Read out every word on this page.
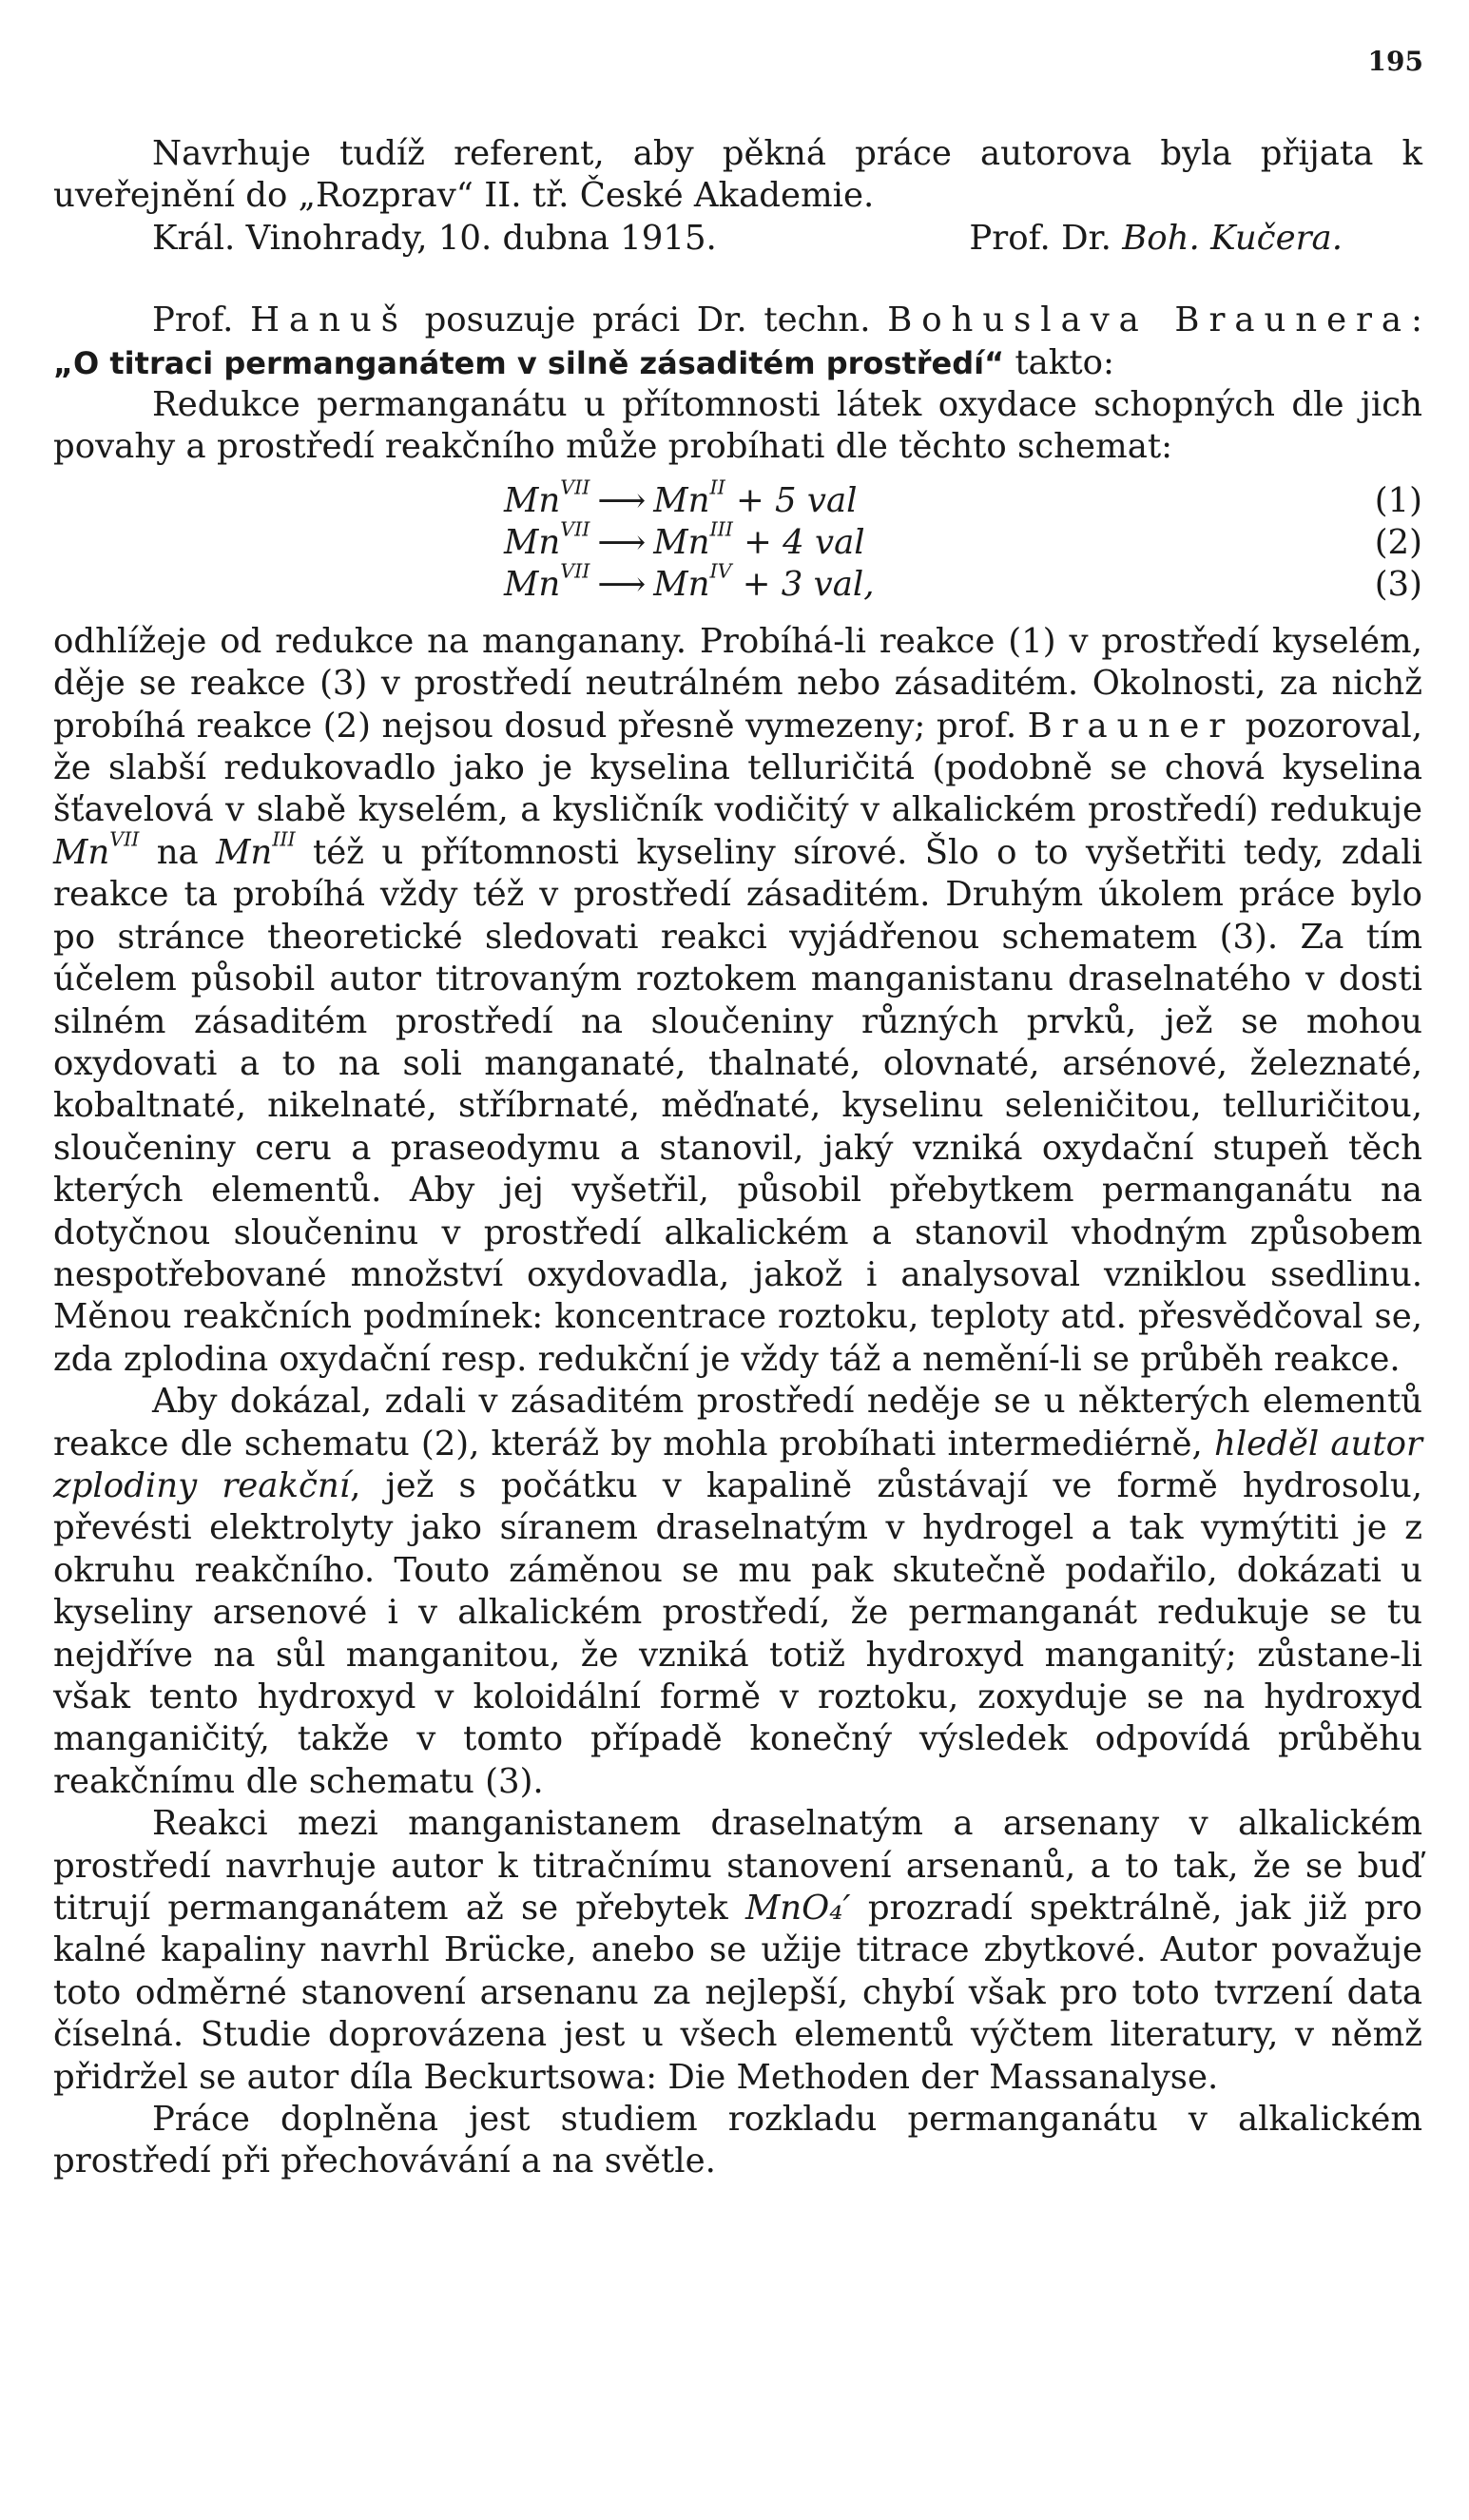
195

Navrhuje tudíž referent, aby pěkná práce autorova byla přijata k uveřejnění do „Rozprav“ II. tř. České Akademie.

Král. Vinohrady, 10. dubna 1915.	Prof. Dr. Boh. Kučera.

Prof. Hanuš posuzuje práci Dr. techn. Bohuslava Braunera: „O titraci permanganátem v silně zásaditém prostředí“ takto:

Redukce permanganátu u přítomnosti látek oxydace schopných dle jich povahy a prostředí reakčního může probíhati dle těchto schemat:

$Mn^{VII}$ ⟶ $Mn^{II} + 5$ val	(1)
$Mn^{VII}$ ⟶ $Mn^{III} + 4$ val	(2)
$Mn^{VII}$ ⟶ $Mn^{IV} + 3$ val,	(3)

odhlížeje od redukce na manganany. Probíhá-li reakce (1) v prostředí kyselém, děje se reakce (3) v prostředí neutrálném nebo zásaditém. Okolnosti, za nichž probíhá reakce (2) nejsou dosud přesně vymezeny; prof. Brauner pozoroval, že slabší redukovadlo jako je kyselina telluričitá (podobně se chová kyselina šťavelová v slabě kyselém, a kysličník vodičitý v alkalickém prostředí) redukuje $Mn^{VII}$ na $Mn^{III}$ též u přítomnosti kyseliny sírové. Šlo o to vyšetřiti tedy, zdali reakce ta probíhá vždy též v prostředí zásaditém. Druhým úkolem práce bylo po stránce theoretické sledovati reakci vyjádřenou schematem (3). Za tím účelem působil autor titrovaným roztokem manganistanu draselnatého v dosti silném zásaditém prostředí na sloučeniny různých prvků, jež se mohou oxydovati a to na soli manganaté, thalnaté, olovnaté, arsénové, železnaté, kobaltnaté, nikelnaté, stříbrnaté, měďnaté, kyselinu seleničitou, telluričitou, sloučeniny ceru a praseodymu a stanovil, jaký vzniká oxydační stupeň těch kterých elementů. Aby jej vyšetřil, působil přebytkem permanganátu na dotyčnou sloučeninu v prostředí alkalickém a stanovil vhodným způsobem nespotřebované množství oxydovadla, jakož i analysoval vzniklou ssedlinu. Měnou reakčních podmínek: koncentrace roztoku, teploty atd. přesvědčoval se, zda zplodina oxydační resp. redukční je vždy táž a nemění-li se průběh reakce.

Aby dokázal, zdali v zásaditém prostředí neděje se u některých elementů reakce dle schematu (2), kteráž by mohla probíhati intermediérně, hleděl autor zplodiny reakční, jež s počátku v kapalině zůstávají ve formě hydrosolu, převésti elektrolyty jako síranem draselnatým v hydrogel a tak vymýtiti je z okruhu reakčního. Touto záměnou se mu pak skutečně podařilo, dokázati u kyseliny arsenové i v alkalickém prostředí, že permanganát redukuje se tu nejdříve na sůl manganitou, že vzniká totiž hydroxyd manganitý; zůstane-li však tento hydroxyd v koloidální formě v roztoku, zoxyduje se na hydroxyd manganičitý, takže v tomto případě konečný výsledek odpovídá průběhu reakčnímu dle schematu (3).

Reakci mezi manganistanem draselnatým a arsenany v alkalickém prostředí navrhuje autor k titračnímu stanovení arsenanů, a to tak, že se buď titrují permanganátem až se přebytek MnO₄′ prozradí spektrálně, jak již pro kalné kapaliny navrhl Brücke, anebo se užije titrace zbytkové. Autor považuje toto odměrné stanovení arsenanu za nejlepší, chybí však pro toto tvrzení data číselná. Studie doprovázena jest u všech elementů výčtem literatury, v němž přidržel se autor díla Beckurtsowa: Die Methoden der Massanalyse.

Práce doplněna jest studiem rozkladu permanganátu v alkalickém prostředí při přechovávání a na světle.
